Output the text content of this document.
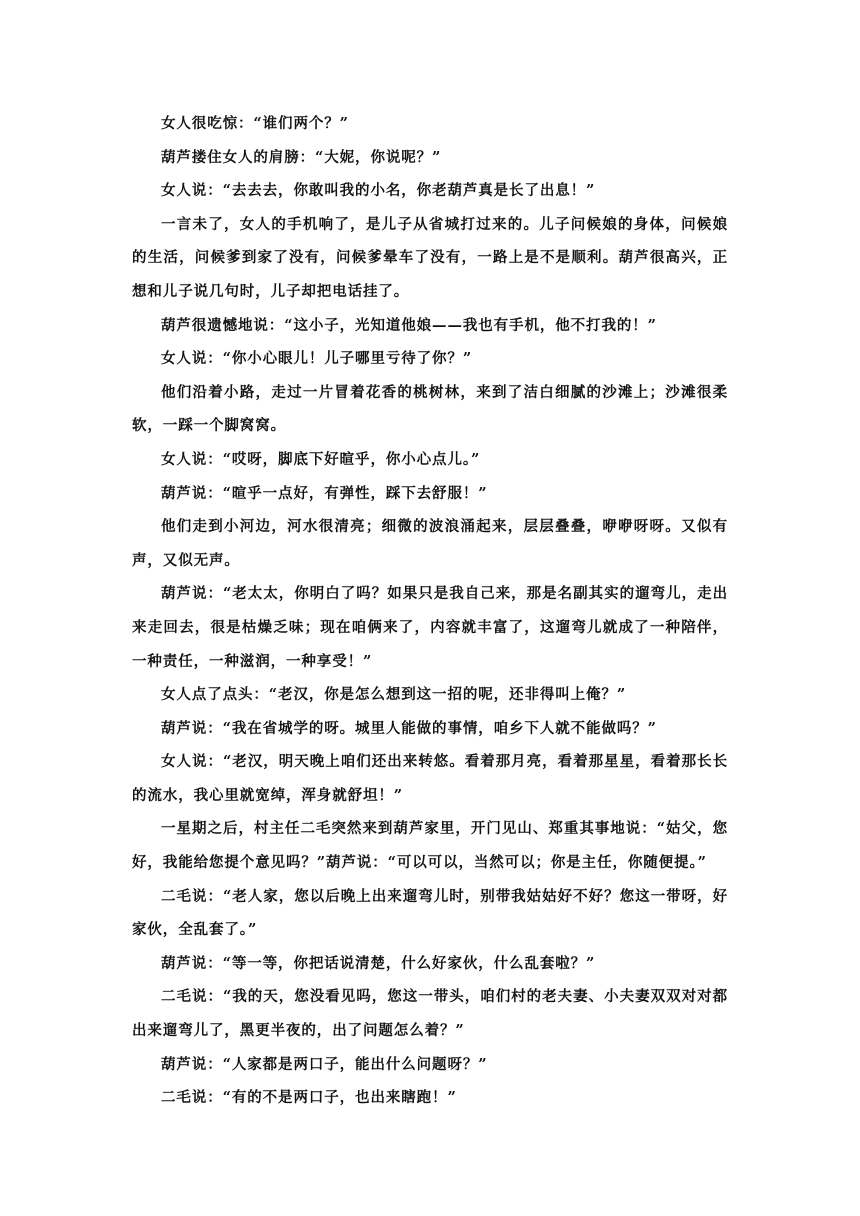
女人很吃惊：“谁们两个？”

葫芦搂住女人的肩膀：“大妮，你说呢？”

女人说：“去去去，你敢叫我的小名，你老葫芦真是长了出息！”

一言未了，女人的手机响了，是儿子从省城打过来的。儿子问候娘的身体，问候娘的生活，问候爹到家了没有，问候爹晕车了没有，一路上是不是顺利。葫芦很高兴，正想和儿子说几句时，儿子却把电话挂了。

葫芦很遗憾地说：“这小子，光知道他娘——我也有手机，他不打我的！”

女人说：“你小心眼儿！儿子哪里亏待了你？”

他们沿着小路，走过一片冒着花香的桃树林，来到了洁白细腻的沙滩上；沙滩很柔软，一踩一个脚窝窝。

女人说：“哎呀，脚底下好暄乎，你小心点儿。”

葫芦说：“暄乎一点好，有弹性，踩下去舒服！”

他们走到小河边，河水很清亮；细微的波浪涌起来，层层叠叠，咿咿呀呀。又似有声，又似无声。

葫芦说：“老太太，你明白了吗？如果只是我自己来，那是名副其实的遛弯儿，走出来走回去，很是枯燥乏味；现在咱俩来了，内容就丰富了，这遛弯儿就成了一种陪伴，一种责任，一种滋润，一种享受！”

女人点了点头：“老汉，你是怎么想到这一招的呢，还非得叫上俺？”

葫芦说：“我在省城学的呀。城里人能做的事情，咱乡下人就不能做吗？”

女人说：“老汉，明天晚上咱们还出来转悠。看着那月亮，看着那星星，看着那长长的流水，我心里就宽绰，浑身就舒坦！”

一星期之后，村主任二毛突然来到葫芦家里，开门见山、郑重其事地说：“姑父，您好，我能给您提个意见吗？”葫芦说：“可以可以，当然可以；你是主任，你随便提。”

二毛说：“老人家，您以后晚上出来遛弯儿时，别带我姑姑好不好？您这一带呀，好家伙，全乱套了。”

葫芦说：“等一等，你把话说清楚，什么好家伙，什么乱套啦？”

二毛说：“我的天，您没看见吗，您这一带头，咱们村的老夫妻、小夫妻双双对对都出来遛弯儿了，黑更半夜的，出了问题怎么着？”

葫芦说：“人家都是两口子，能出什么问题呀？”

二毛说：“有的不是两口子，也出来瞎跑！”
